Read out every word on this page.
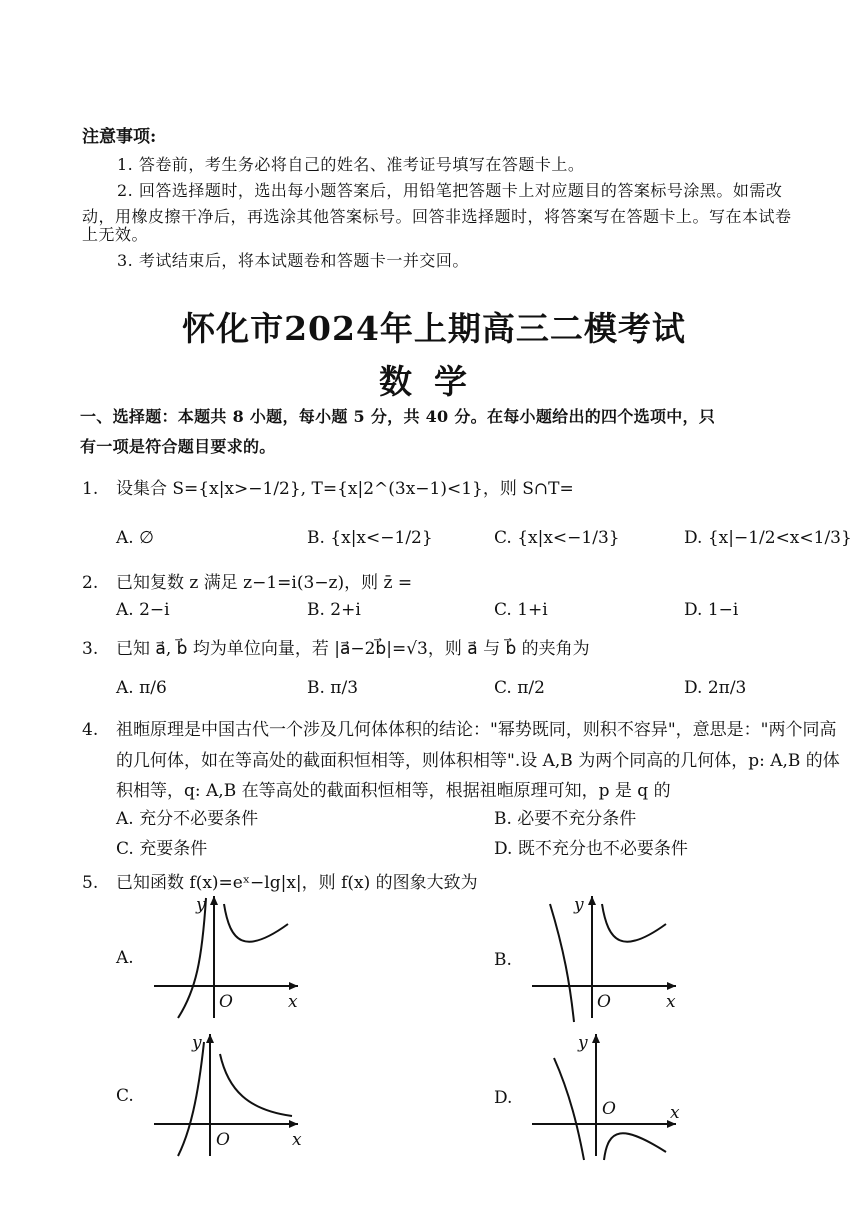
注意事项:
1. 答卷前，考生务必将自己的姓名、准考证号填写在答题卡上。
2. 回答选择题时，选出每小题答案后，用铅笔把答题卡上对应题目的答案标号涂黑。如需改
动，用橡皮擦干净后，再选涂其他答案标号。回答非选择题时，将答案写在答题卡上。写在本试卷
上无效。
3. 考试结束后，将本试题卷和答题卡一并交回。
怀化市2024年上期高三二模考试
数学
一、选择题：本题共 8 小题，每小题 5 分，共 40 分。在每小题给出的四个选项中，只
有一项是符合题目要求的。
1. 设集合 S={x|x>−1/2}, T={x|2^(3x−1)<1}，则 S∩T=
A. ∅	B. {x|x<−1/2}	C. {x|x<−1/3}	D. {x|−1/2<x<1/3}
2. 已知复数 z 满足 z−1=i(3−z)，则 z̄ =
A. 2−i	B. 2+i	C. 1+i	D. 1−i
3. 已知 a⃗, b⃗ 均为单位向量，若 |a⃗−2b⃗|=√3，则 a⃗ 与 b⃗ 的夹角为
A. π/6	B. π/3	C. π/2	D. 2π/3
4. 祖暅原理是中国古代一个涉及几何体体积的结论："幂势既同，则积不容异"，意思是："两个同高
的几何体，如在等高处的截面积恒相等，则体积相等".设 A,B 为两个同高的几何体，p: A,B 的体
积相等，q: A,B 在等高处的截面积恒相等，根据祖暅原理可知，p 是 q 的
A. 充分不必要条件	B. 必要不充分条件
C. 充要条件	D. 既不充分也不必要条件
5. 已知函数 f(x)=eˣ−lg|x|，则 f(x) 的图象大致为
A.	B.
C.	D.
y
O	x
y
O	x
y
O	x
y
O	x
